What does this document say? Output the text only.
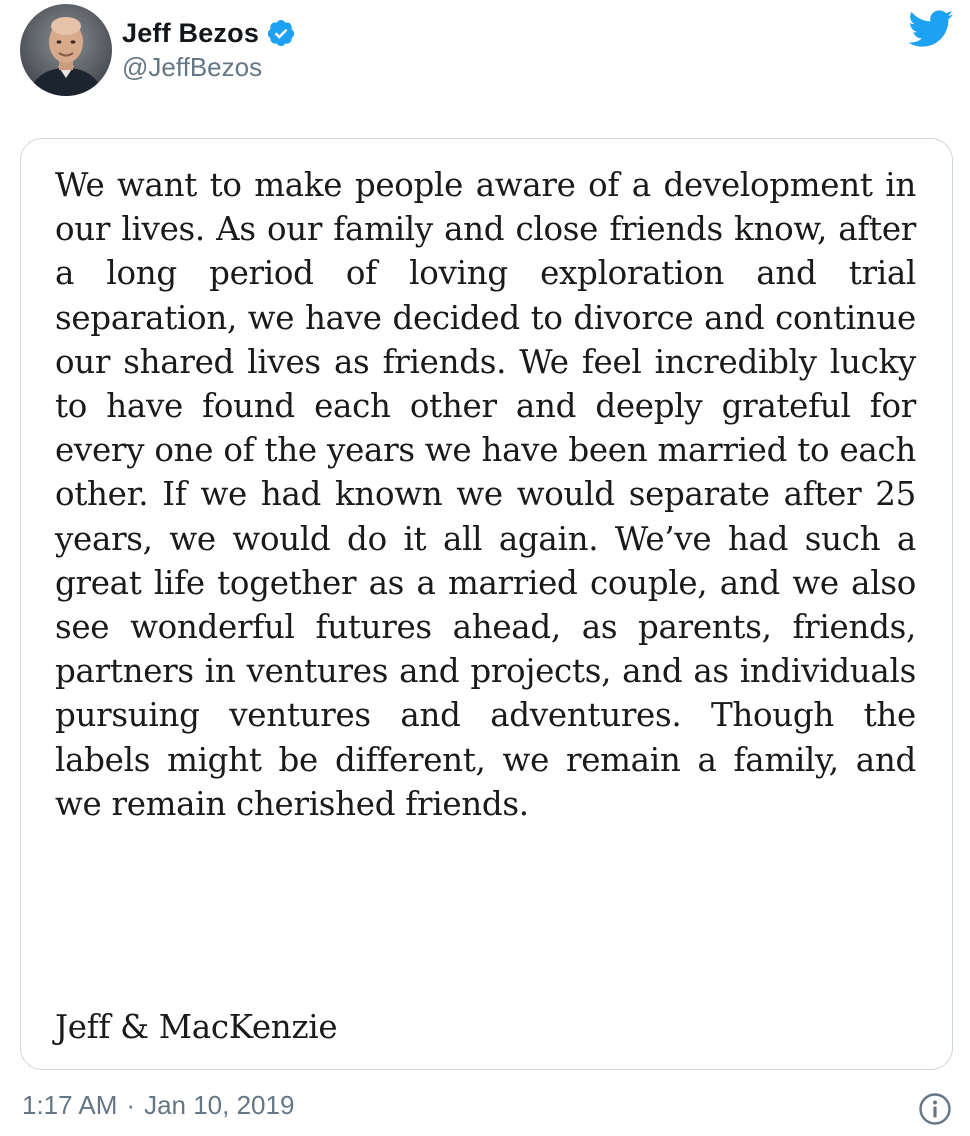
Jeff Bezos
@JeffBezos

We want to make people aware of a development in our lives. As our family and close friends know, after a long period of loving exploration and trial separation, we have decided to divorce and continue our shared lives as friends. We feel incredibly lucky to have found each other and deeply grateful for every one of the years we have been married to each other. If we had known we would separate after 25 years, we would do it all again. We’ve had such a great life together as a married couple, and we also see wonderful futures ahead, as parents, friends, partners in ventures and projects, and as individuals pursuing ventures and adventures. Though the labels might be different, we remain a family, and we remain cherished friends.

Jeff & MacKenzie

1:17 AM · Jan 10, 2019
